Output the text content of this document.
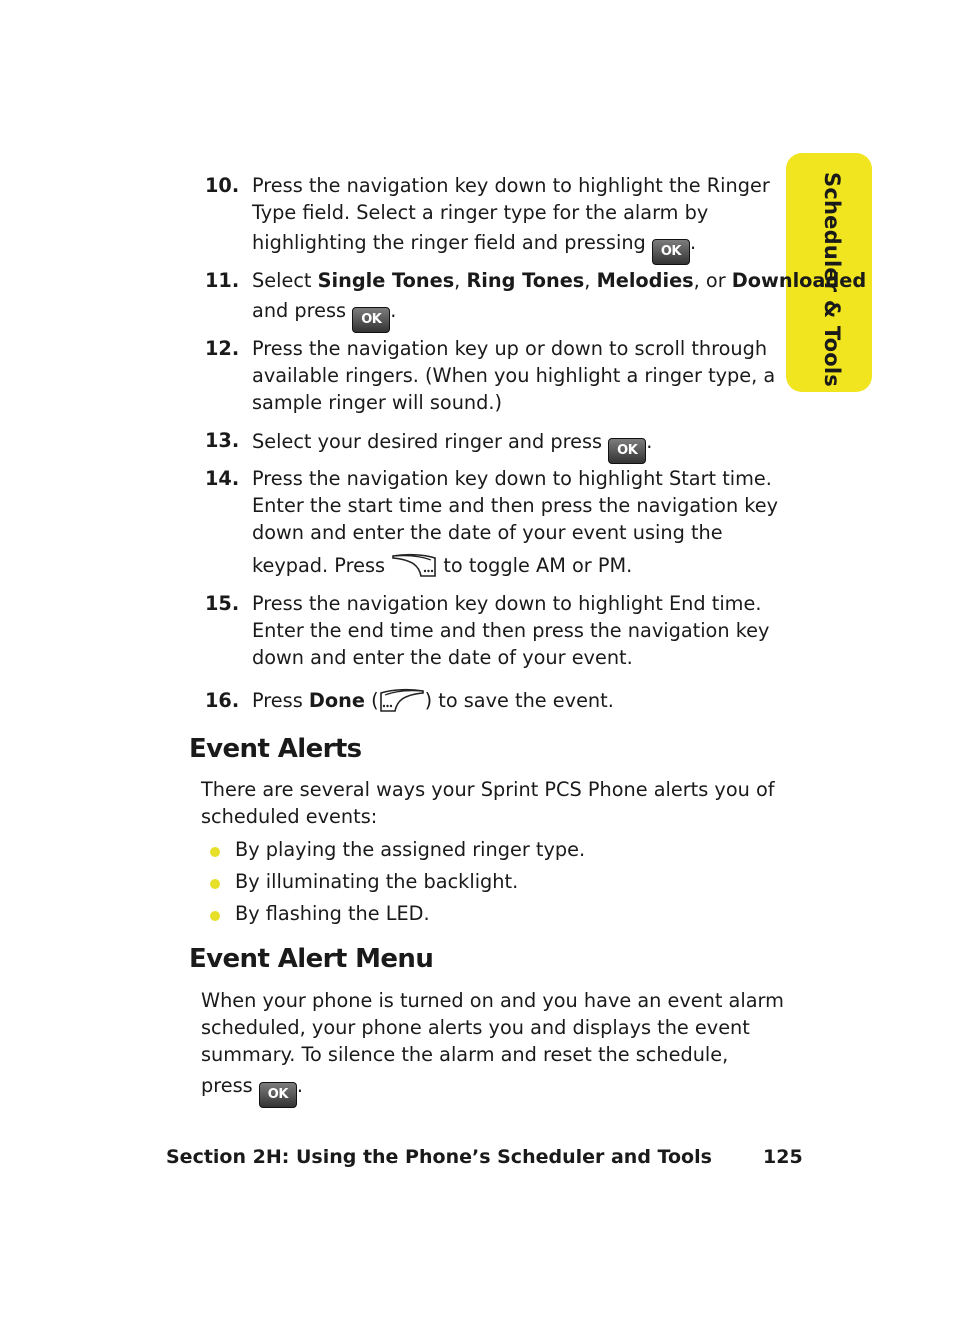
Scheduler & Tools
10. Press the navigation key down to highlight the Ringer
Type field. Select a ringer type for the alarm by
highlighting the ringer field and pressing OK .
11. Select Single Tones, Ring Tones, Melodies, or Downloaded
and press OK .
12. Press the navigation key up or down to scroll through
available ringers. (When you highlight a ringer type, a
sample ringer will sound.)
13. Select your desired ringer and press OK .
14. Press the navigation key down to highlight Start time.
Enter the start time and then press the navigation key
down and enter the date of your event using the
keypad. Press	to toggle AM or PM.
15. Press the navigation key down to highlight End time.
Enter the end time and then press the navigation key
down and enter the date of your event.
16. Press Done ( ) to save the event.
Event Alerts

There are several ways your Sprint PCS Phone alerts you of
scheduled events:

By playing the assigned ringer type.
By illuminating the backlight.
By flashing the LED.
Event Alert Menu

When your phone is turned on and you have an event alarm
scheduled, your phone alerts you and displays the event
summary. To silence the alarm and reset the schedule,
press OK .

Section 2H: Using the Phone’s Scheduler and Tools	125
